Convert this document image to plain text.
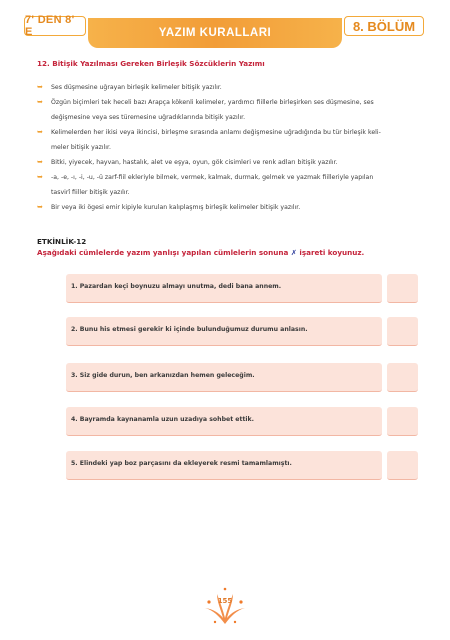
7' DEN 8' E	YAZIM KURALLARI	8. BÖLÜM
12. Bitişik Yazılması Gereken Birleşik Sözcüklerin Yazımı
➥ Ses düşmesine uğrayan birleşik kelimeler bitişik yazılır.
➥ Özgün biçimleri tek heceli bazı Arapça kökenli kelimeler, yardımcı fiillerle birleşirken ses düşmesine, ses
değişmesine veya ses türemesine uğradıklarında bitişik yazılır.
➥ Kelimelerden her ikisi veya ikincisi, birleşme sırasında anlamı değişmesine uğradığında bu tür birleşik keli-
meler bitişik yazılır.
➥ Bitki, yiyecek, hayvan, hastalık, alet ve eşya, oyun, gök cisimleri ve renk adları bitişik yazılır.
➥ -a, -e, -ı, -i, -u, -ü zarf-fiil ekleriyle bilmek, vermek, kalmak, durmak, gelmek ve yazmak fiilleriyle yapılan
tasvirî fiiller bitişik yazılır.
➥ Bir veya iki ögesi emir kipiyle kurulan kalıplaşmış birleşik kelimeler bitişik yazılır.
ETKİNLİK-12
Aşağıdaki cümlelerde yazım yanlışı yapılan cümlelerin sonuna ✗ işareti koyunuz.
1. Pazardan keçi boynuzu almayı unutma, dedi bana annem.
2. Bunu his etmesi gerekir ki içinde bulunduğumuz durumu anlasın.
3. Siz gide durun, ben arkanızdan hemen geleceğim.
4. Bayramda kaynanamla uzun uzadıya sohbet ettik.
5. Elindeki yap boz parçasını da ekleyerek resmi tamamlamıştı.
155
